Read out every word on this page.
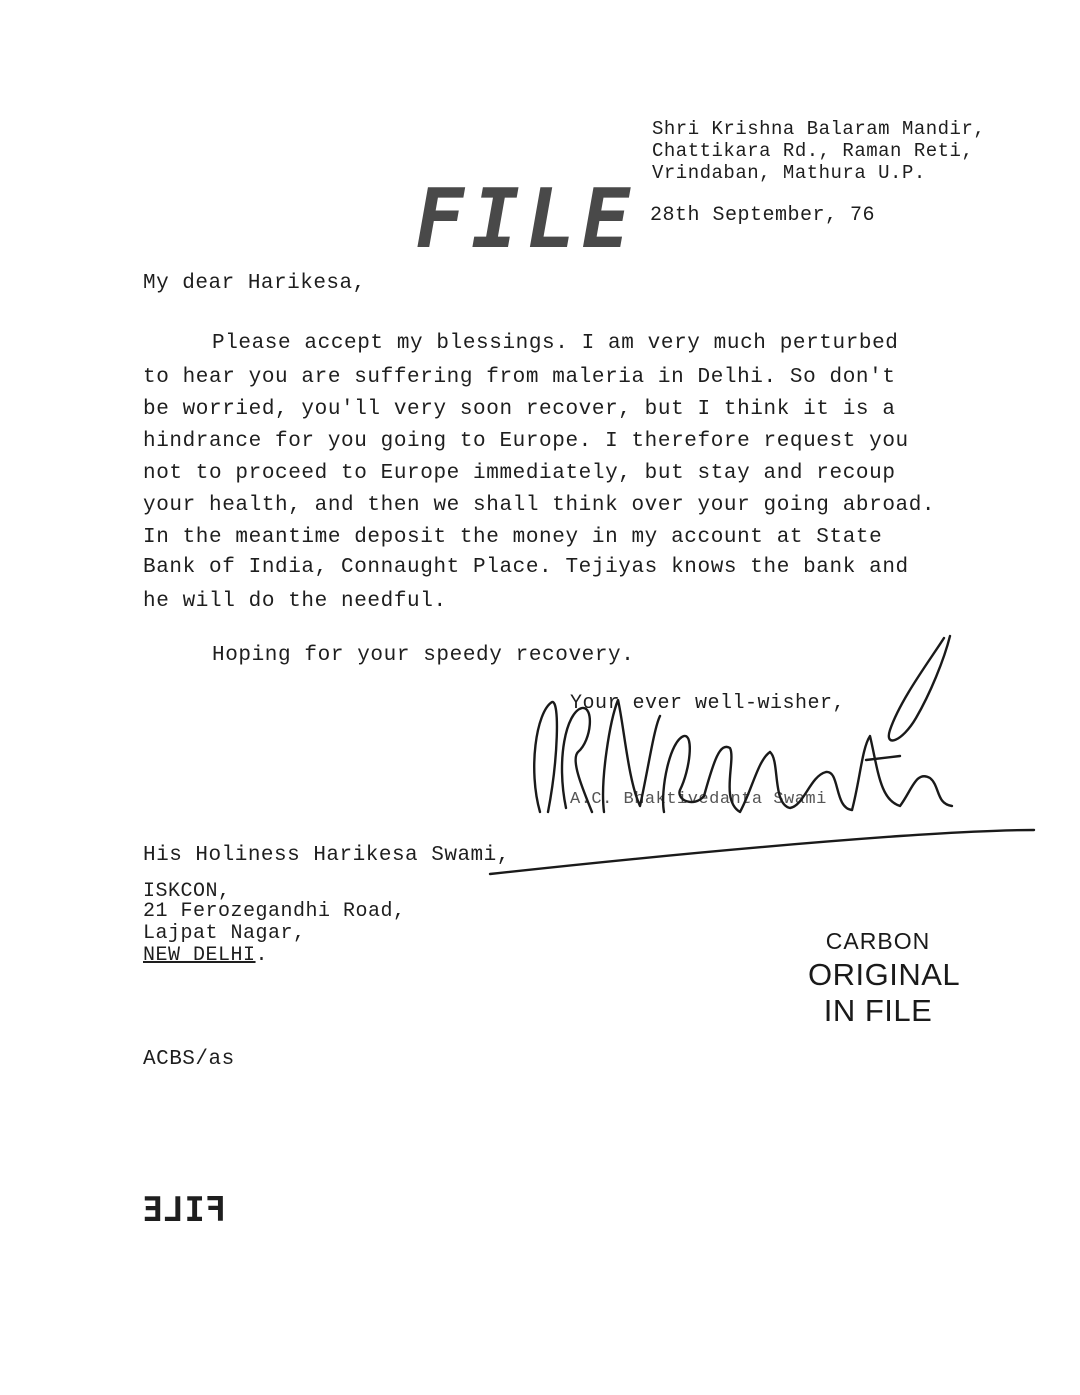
Shri Krishna Balaram Mandir,
Chattikara Rd., Raman Reti,
Vrindaban, Mathura U.P.
28th September, 76
FILE
My dear Harikesa,
Please accept my blessings. I am very much perturbed
to hear you are suffering from maleria in Delhi. So don't
be worried, you'll very soon recover, but I think it is a
hindrance for you going to Europe. I therefore request you
not to proceed to Europe immediately, but stay and recoup
your health, and then we shall think over your going abroad.
In the meantime deposit the money in my account at State
Bank of India, Connaught Place. Tejiyas knows the bank and
he will do the needful.
Hoping for your speedy recovery.
Your ever well-wisher,
A.C. Bhaktivedanta Swami
His Holiness Harikesa Swami,
ISKCON,
21 Ferozegandhi Road,
Lajpat Nagar,
NEW DELHI.
CARBON
ORIGINAL
IN FILE
ACBS/as
FILE
